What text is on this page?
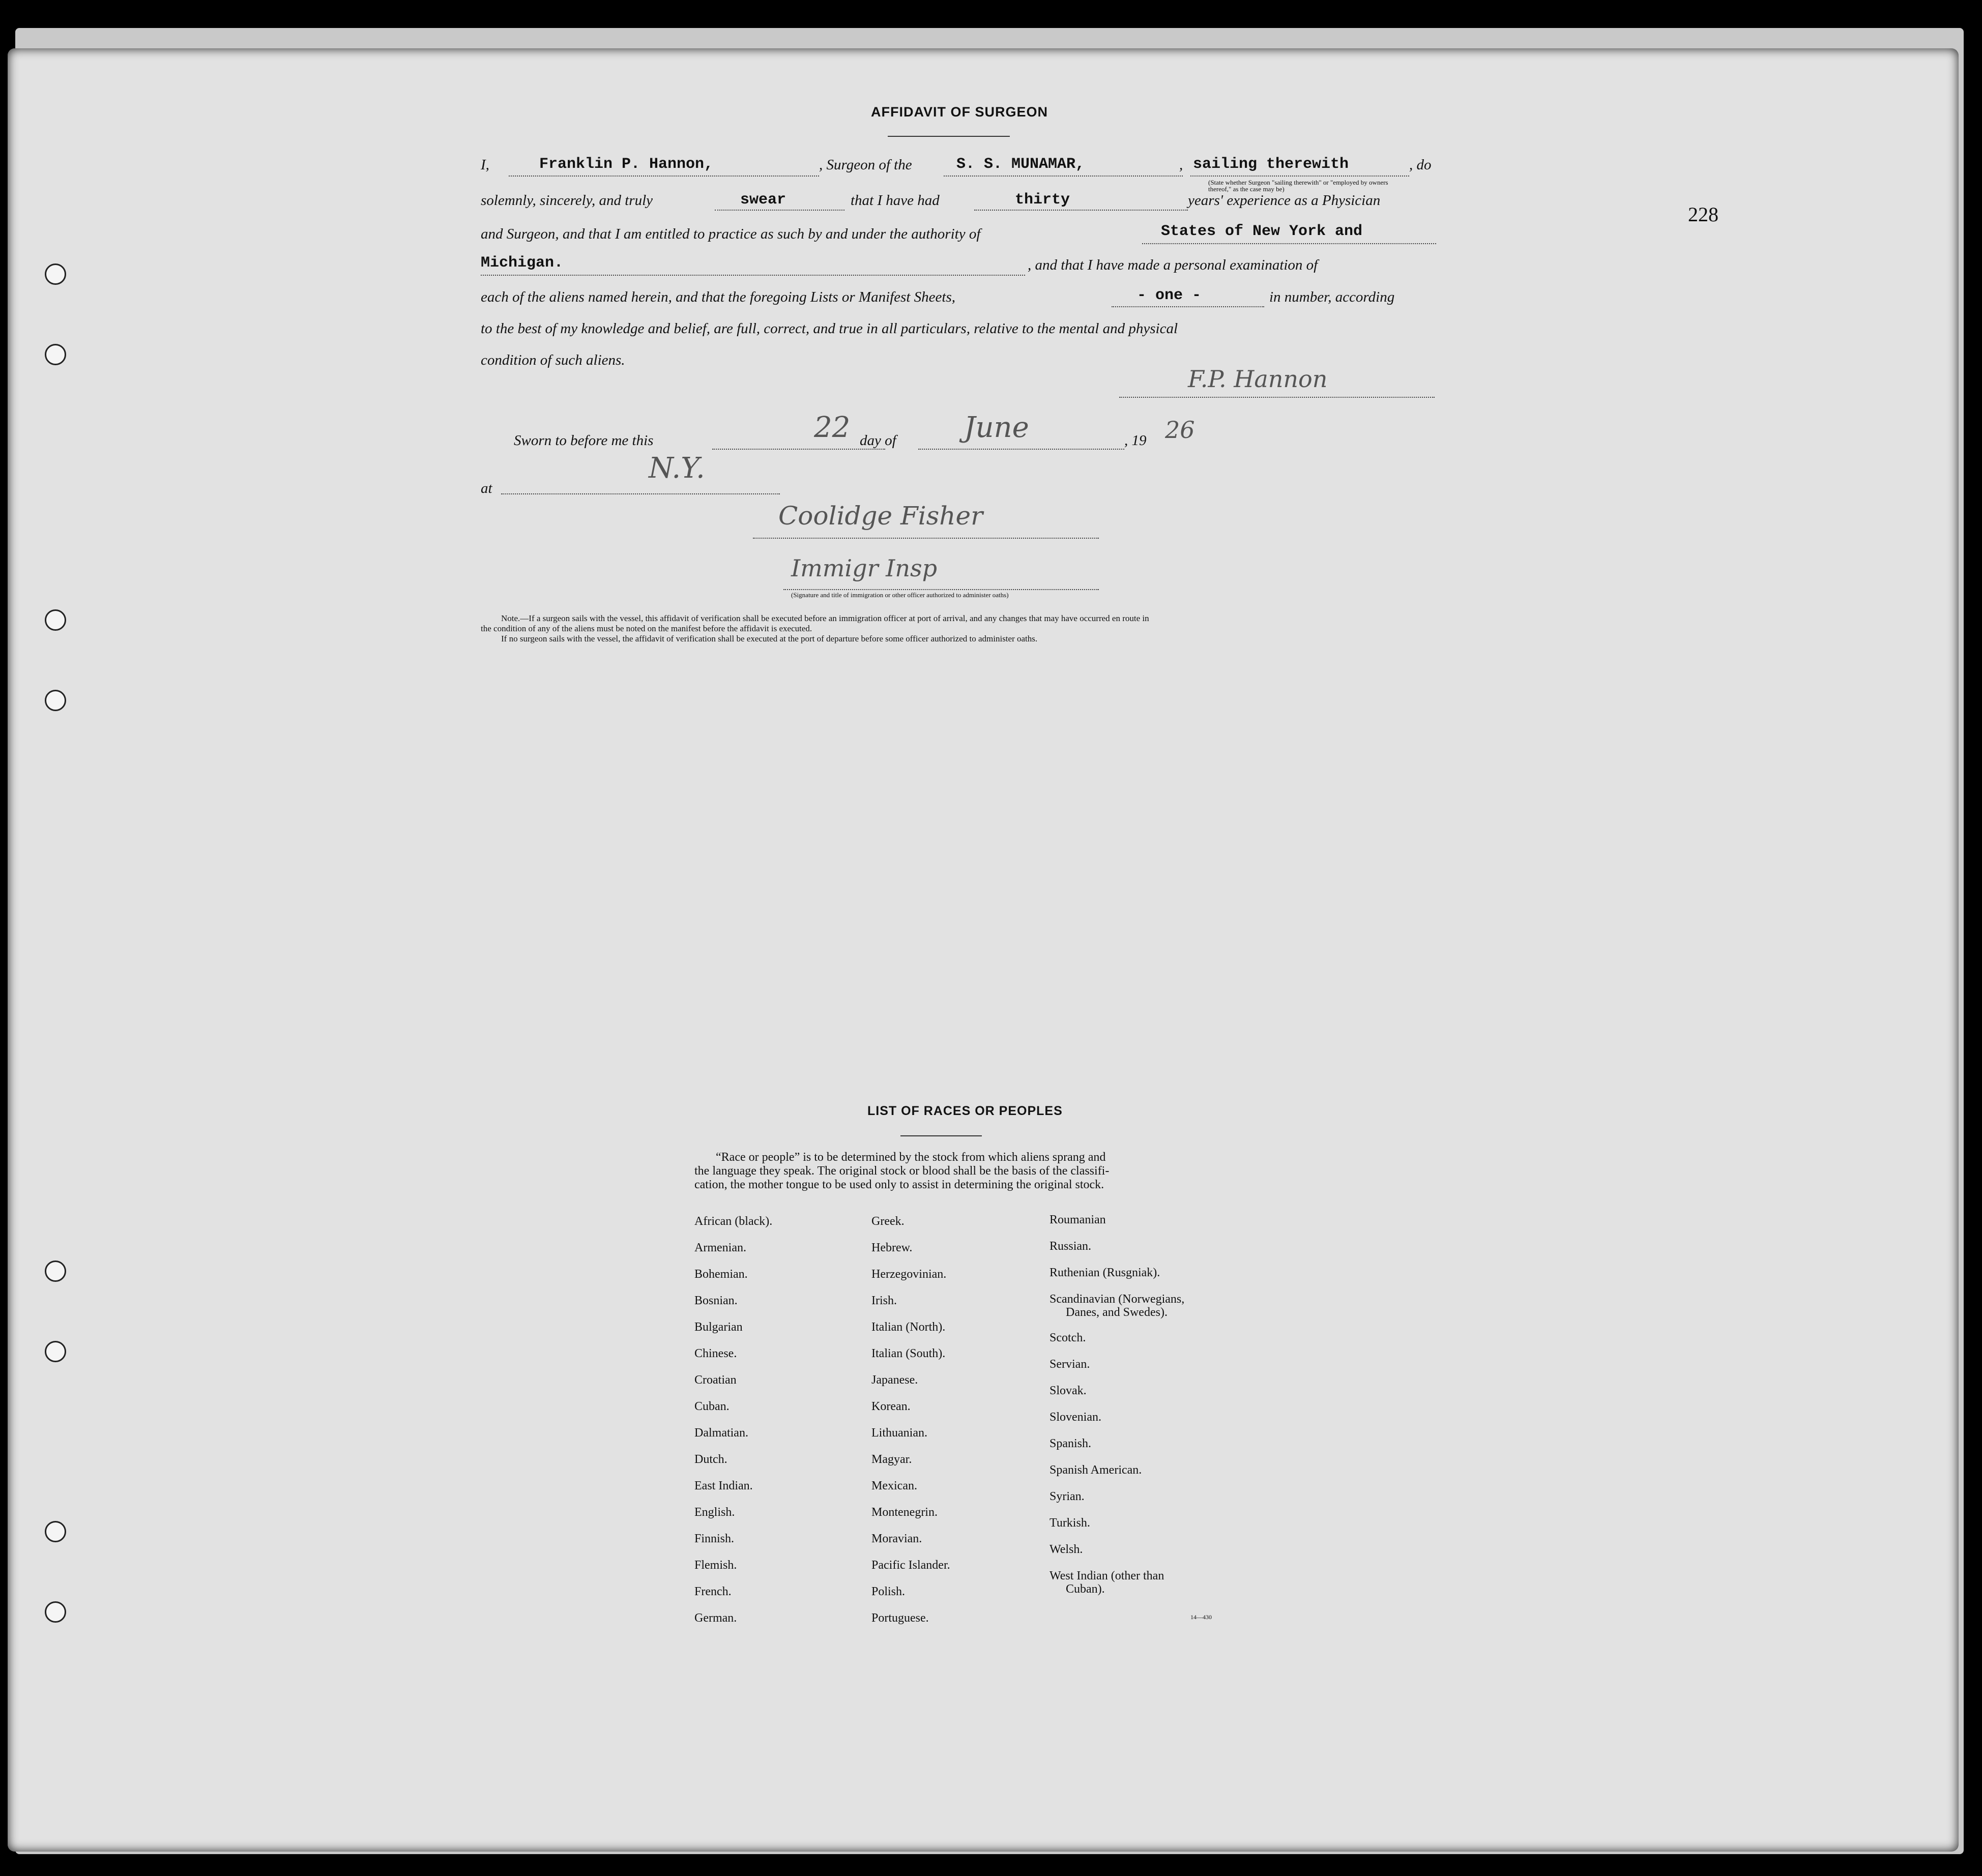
228
AFFIDAVIT OF SURGEON
I,	Franklin P. Hannon,	, Surgeon of the	S. S. MUNAMAR,	, sailing therewith	, do
(State whether Surgeon "sailing therewith" or "employed by owners thereof," as the case may be)
solemnly, sincerely, and truly	swear	that I have had	thirty	years' experience as a Physician
and Surgeon, and that I am entitled to practice as such by and under the authority of	States of New York and
Michigan.	, and that I have made a personal examination of
each of the aliens named herein, and that the foregoing Lists or Manifest Sheets,	- one -	in number, according
to the best of my knowledge and belief, are full, correct, and true in all particulars, relative to the mental and physical
condition of such aliens.
F.P. Hannon
Sworn to before me this	22 day of June	, 19 26
at
N.Y.
Coolidge Fisher
Immigr Insp
(Signature and title of immigration or other officer authorized to administer oaths)
Note.—If a surgeon sails with the vessel, this affidavit of verification shall be executed before an immigration officer at port of arrival, and any changes that may have occurred en route in
the condition of any of the aliens must be noted on the manifest before the affidavit is executed.
If no surgeon sails with the vessel, the affidavit of verification shall be executed at the port of departure before some officer authorized to administer oaths.
LIST OF RACES OR PEOPLES
“Race or people” is to be determined by the stock from which aliens sprang and
the language they speak. The original stock or blood shall be the basis of the classifi-
cation, the mother tongue to be used only to assist in determining the original stock.
African (black).
Armenian.
Bohemian.
Bosnian.
Bulgarian
Chinese.
Croatian
Cuban.
Dalmatian.
Dutch.
East Indian.
English.
Finnish.
Flemish.
French.
German.
Greek.
Hebrew.
Herzegovinian.
Irish.
Italian (North).
Italian (South).
Japanese.
Korean.
Lithuanian.
Magyar.
Mexican.
Montenegrin.
Moravian.
Pacific Islander.
Polish.
Portuguese.
Roumanian
Russian.
Ruthenian (Rusgniak).
Scandinavian (Norwegians,
Danes, and Swedes).
Scotch.
Servian.
Slovak.
Slovenian.
Spanish.
Spanish American.
Syrian.
Turkish.
Welsh.
West Indian (other than
Cuban).
14—430
